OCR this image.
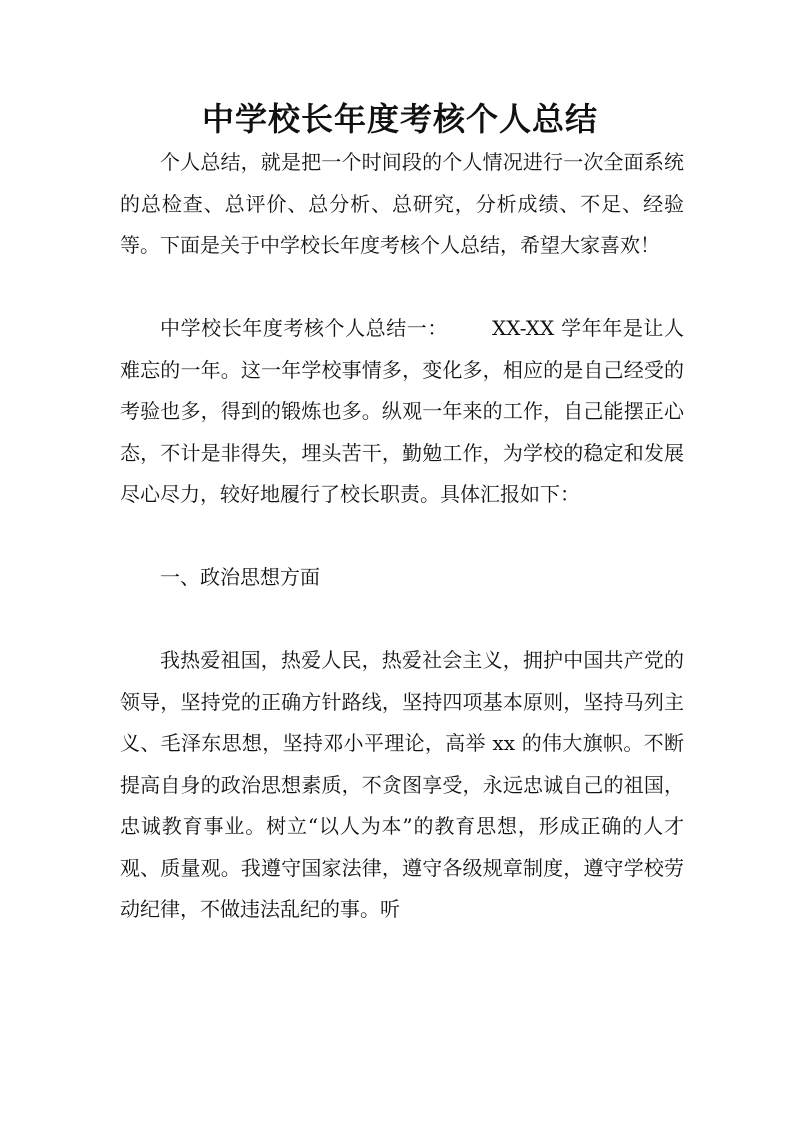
中学校长年度考核个人总结

个人总结，就是把一个时间段的个人情况进行一次全面系统的总检查、总评价、总分析、总研究，分析成绩、不足、经验等。下面是关于中学校长年度考核个人总结，希望大家喜欢！

中学校长年度考核个人总结一： XX-XX 学年年是让人难忘的一年。这一年学校事情多，变化多，相应的是自己经受的考验也多，得到的锻炼也多。纵观一年来的工作，自己能摆正心态，不计是非得失，埋头苦干，勤勉工作，为学校的稳定和发展尽心尽力，较好地履行了校长职责。具体汇报如下：

一、政治思想方面

我热爱祖国，热爱人民，热爱社会主义，拥护中国共产党的领导，坚持党的正确方针路线，坚持四项基本原则，坚持马列主义、毛泽东思想，坚持邓小平理论，高举 xx 的伟大旗帜。不断提高自身的政治思想素质，不贪图享受，永远忠诚自己的祖国，忠诚教育事业。树立“以人为本”的教育思想，形成正确的人才观、质量观。我遵守国家法律，遵守各级规章制度，遵守学校劳动纪律，不做违法乱纪的事。听
